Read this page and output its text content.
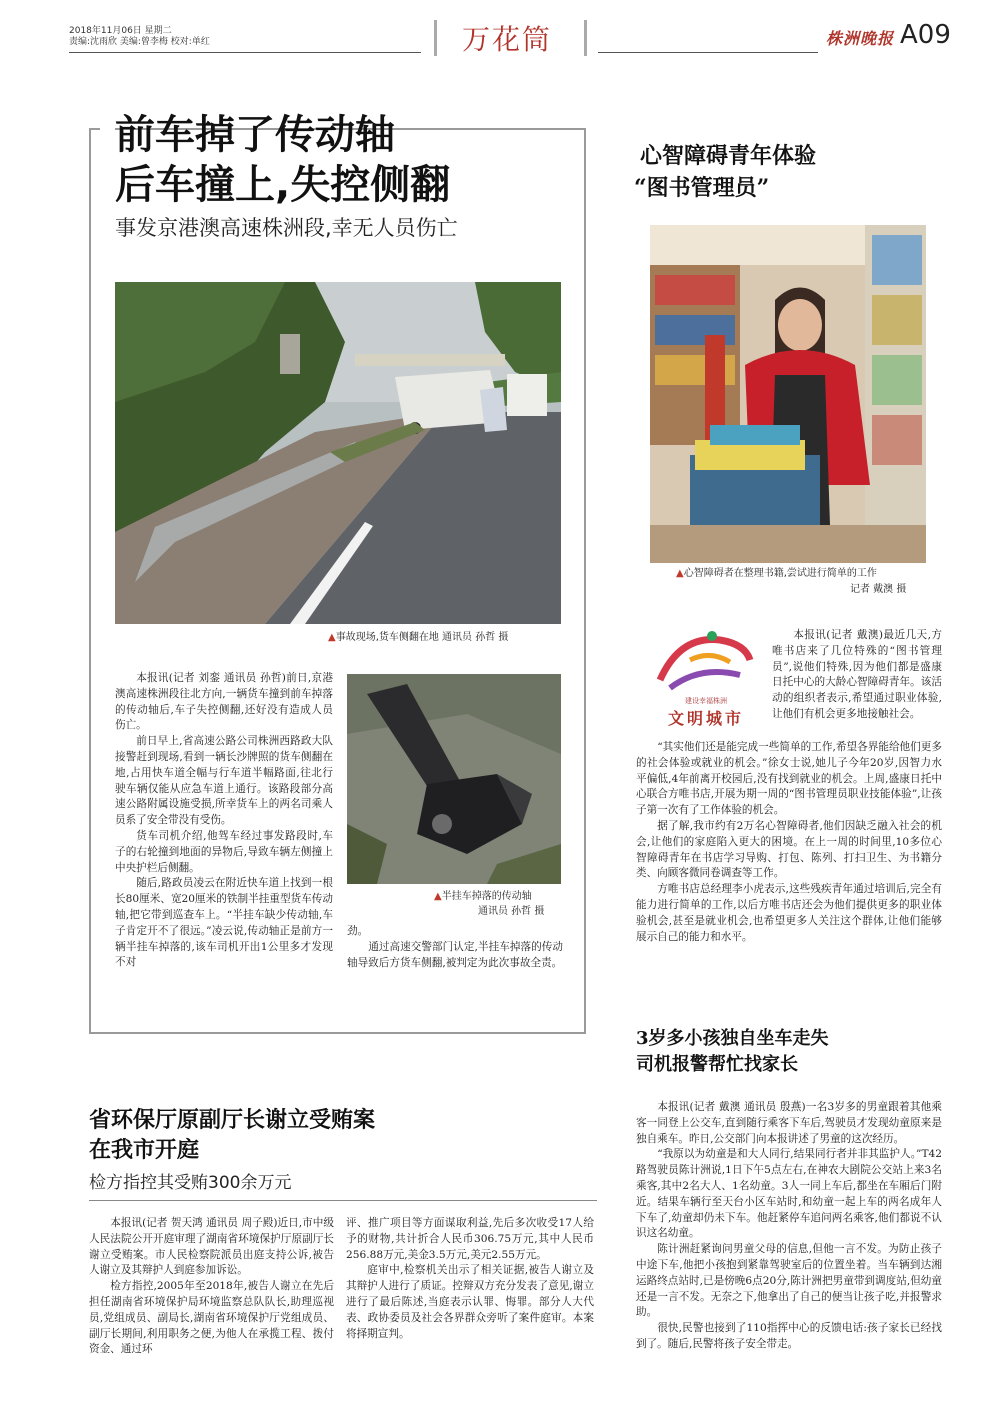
2018年11月06日 星期二
责编:沈雨欣 美编:曾李梅 校对:单红	万花筒	株洲晚报 A09
前车掉了传动轴
后车撞上,失控侧翻
事发京港澳高速株洲段,幸无人员伤亡
▲事故现场,货车侧翻在地 通讯员 孙哲 摄
▲半挂车掉落的传动轴
通讯员 孙哲 摄

本报讯(记者 刘銮 通讯员 孙哲)前日,京港澳高速株洲段往北方向,一辆货车撞到前车掉落的传动轴后,车子失控侧翻,还好没有造成人员伤亡。

前日早上,省高速公路公司株洲西路政大队接警赶到现场,看到一辆长沙牌照的货车侧翻在地,占用快车道全幅与行车道半幅路面,往北行驶车辆仅能从应急车道上通行。该路段部分高速公路附属设施受损,所幸货车上的两名司乘人员系了安全带没有受伤。

货车司机介绍,他驾车经过事发路段时,车子的右轮撞到地面的异物后,导致车辆左侧撞上中央护栏后侧翻。

随后,路政员凌云在附近快车道上找到一根长80厘米、宽20厘米的铁制半挂重型货车传动轴,把它带到巡查车上。“半挂车缺少传动轴,车子肯定开不了很远。”凌云说,传动轴正是前方一辆半挂车掉落的,该车司机开出1公里多才发现不对

劲。

通过高速交警部门认定,半挂车掉落的传动轴导致后方货车侧翻,被判定为此次事故全责。

心智障碍青年体验
“图书管理员”
▲心智障碍者在整理书籍,尝试进行简单的工作
记者 戴澳 摄
建设幸福株洲
文明城市

本报讯(记者 戴澳)最近几天,方唯书店来了几位特殊的“图书管理员”,说他们特殊,因为他们都是盛康日托中心的大龄心智障碍青年。该活动的组织者表示,希望通过职业体验,让他们有机会更多地接触社会。

“其实他们还是能完成一些简单的工作,希望各界能给他们更多的社会体验或就业的机会。”徐女士说,她儿子今年20岁,因智力水平偏低,4年前离开校园后,没有找到就业的机会。上周,盛康日托中心联合方唯书店,开展为期一周的“图书管理员职业技能体验”,让孩子第一次有了工作体验的机会。

据了解,我市约有2万名心智障碍者,他们因缺乏融入社会的机会,让他们的家庭陷入更大的困境。在上一周的时间里,10多位心智障碍青年在书店学习导购、打包、陈列、打扫卫生、为书籍分类、向顾客微同卷调查等工作。

方唯书店总经理李小虎表示,这些残疾青年通过培训后,完全有能力进行简单的工作,以后方唯书店还会为他们提供更多的职业体验机会,甚至是就业机会,也希望更多人关注这个群体,让他们能够展示自己的能力和水平。

3岁多小孩独自坐车走失
司机报警帮忙找家长

本报讯(记者 戴澳 通讯员 殷燕)一名3岁多的男童跟着其他乘客一同登上公交车,直到随行乘客下车后,驾驶员才发现幼童原来是独自乘车。昨日,公交部门向本报讲述了男童的这次经历。

“我原以为幼童是和大人同行,结果同行者并非其监护人。”T42路驾驶员陈计洲说,1日下午5点左右,在神农大剧院公交站上来3名乘客,其中2名大人、1名幼童。3人一同上车后,都坐在车厢后门附近。结果车辆行至天台小区车站时,和幼童一起上车的两名成年人下车了,幼童却仍未下车。他赶紧停车追问两名乘客,他们都说不认识这名幼童。

陈计洲赶紧询问男童父母的信息,但他一言不发。为防止孩子中途下车,他把小孩抱到紧靠驾驶室后的位置坐着。当车辆到达湘运路终点站时,已是傍晚6点20分,陈计洲把男童带到调度站,但幼童还是一言不发。无奈之下,他拿出了自己的便当让孩子吃,并报警求助。

很快,民警也接到了110指挥中心的反馈电话:孩子家长已经找到了。随后,民警将孩子安全带走。

省环保厅原副厅长谢立受贿案
在我市开庭
检方指控其受贿300余万元

本报讯(记者 贺天鸿 通讯员 周子殿)近日,市中级人民法院公开开庭审理了湖南省环境保护厅原副厅长谢立受贿案。市人民检察院派员出庭支持公诉,被告人谢立及其辩护人到庭参加诉讼。

检方指控,2005年至2018年,被告人谢立在先后担任湖南省环境保护局环境监察总队队长,助理巡视员,党组成员、副局长,湖南省环境保护厅党组成员、副厅长期间,利用职务之便,为他人在承揽工程、拨付资金、通过环

评、推广项目等方面谋取利益,先后多次收受17人给予的财物,共计折合人民币306.75万元,其中人民币256.88万元,美金3.5万元,美元2.55万元。

庭审中,检察机关出示了相关证据,被告人谢立及其辩护人进行了质证。控辩双方充分发表了意见,谢立进行了最后陈述,当庭表示认罪、悔罪。部分人大代表、政协委员及社会各界群众旁听了案件庭审。本案将择期宣判。
